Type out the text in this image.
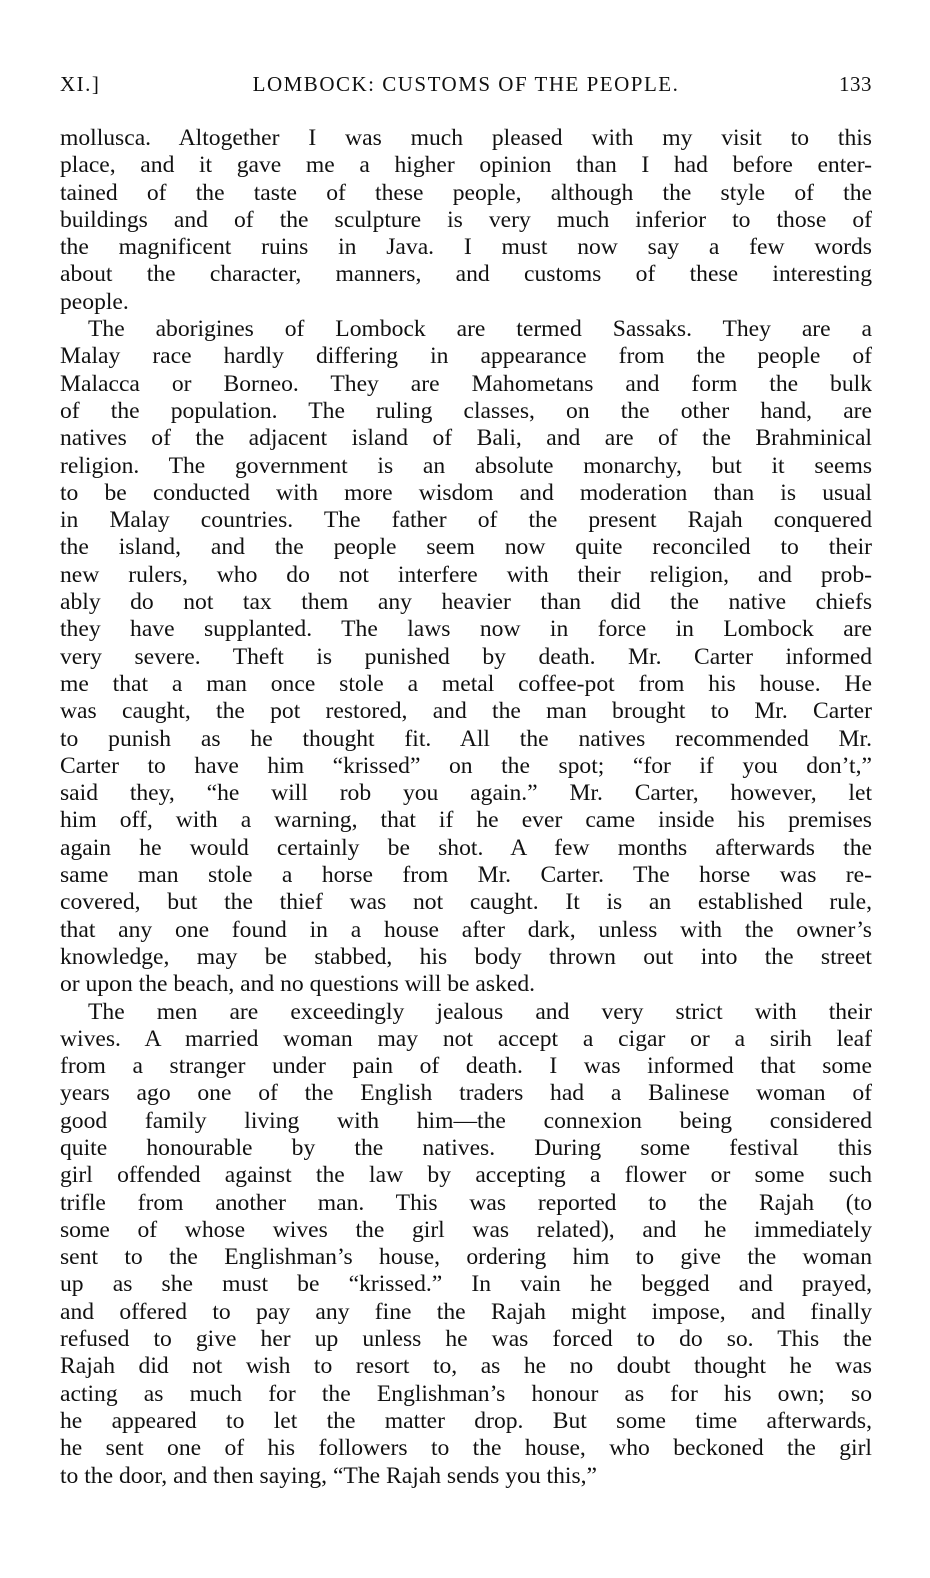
XI.]	LOMBOCK: CUSTOMS OF THE PEOPLE.	133
mollusca. Altogether I was much pleased with my visit to this
place, and it gave me a higher opinion than I had before enter-
tained of the taste of these people, although the style of the
buildings and of the sculpture is very much inferior to those of
the magnificent ruins in Java. I must now say a few words
about the character, manners, and customs of these interesting
people.
The aborigines of Lombock are termed Sassaks. They are a
Malay race hardly differing in appearance from the people of
Malacca or Borneo. They are Mahometans and form the bulk
of the population. The ruling classes, on the other hand, are
natives of the adjacent island of Bali, and are of the Brahminical
religion. The government is an absolute monarchy, but it seems
to be conducted with more wisdom and moderation than is usual
in Malay countries. The father of the present Rajah conquered
the island, and the people seem now quite reconciled to their
new rulers, who do not interfere with their religion, and prob-
ably do not tax them any heavier than did the native chiefs
they have supplanted. The laws now in force in Lombock are
very severe. Theft is punished by death. Mr. Carter informed
me that a man once stole a metal coffee-pot from his house. He
was caught, the pot restored, and the man brought to Mr. Carter
to punish as he thought fit. All the natives recommended Mr.
Carter to have him “krissed” on the spot; “for if you don’t,”
said they, “he will rob you again.” Mr. Carter, however, let
him off, with a warning, that if he ever came inside his premises
again he would certainly be shot. A few months afterwards the
same man stole a horse from Mr. Carter. The horse was re-
covered, but the thief was not caught. It is an established rule,
that any one found in a house after dark, unless with the owner’s
knowledge, may be stabbed, his body thrown out into the street
or upon the beach, and no questions will be asked.
The men are exceedingly jealous and very strict with their
wives. A married woman may not accept a cigar or a sirih leaf
from a stranger under pain of death. I was informed that some
years ago one of the English traders had a Balinese woman of
good family living with him—the connexion being considered
quite honourable by the natives. During some festival this
girl offended against the law by accepting a flower or some such
trifle from another man. This was reported to the Rajah (to
some of whose wives the girl was related), and he immediately
sent to the Englishman’s house, ordering him to give the woman
up as she must be “krissed.” In vain he begged and prayed,
and offered to pay any fine the Rajah might impose, and finally
refused to give her up unless he was forced to do so. This the
Rajah did not wish to resort to, as he no doubt thought he was
acting as much for the Englishman’s honour as for his own; so
he appeared to let the matter drop. But some time afterwards,
he sent one of his followers to the house, who beckoned the girl
to the door, and then saying, “The Rajah sends you this,”
